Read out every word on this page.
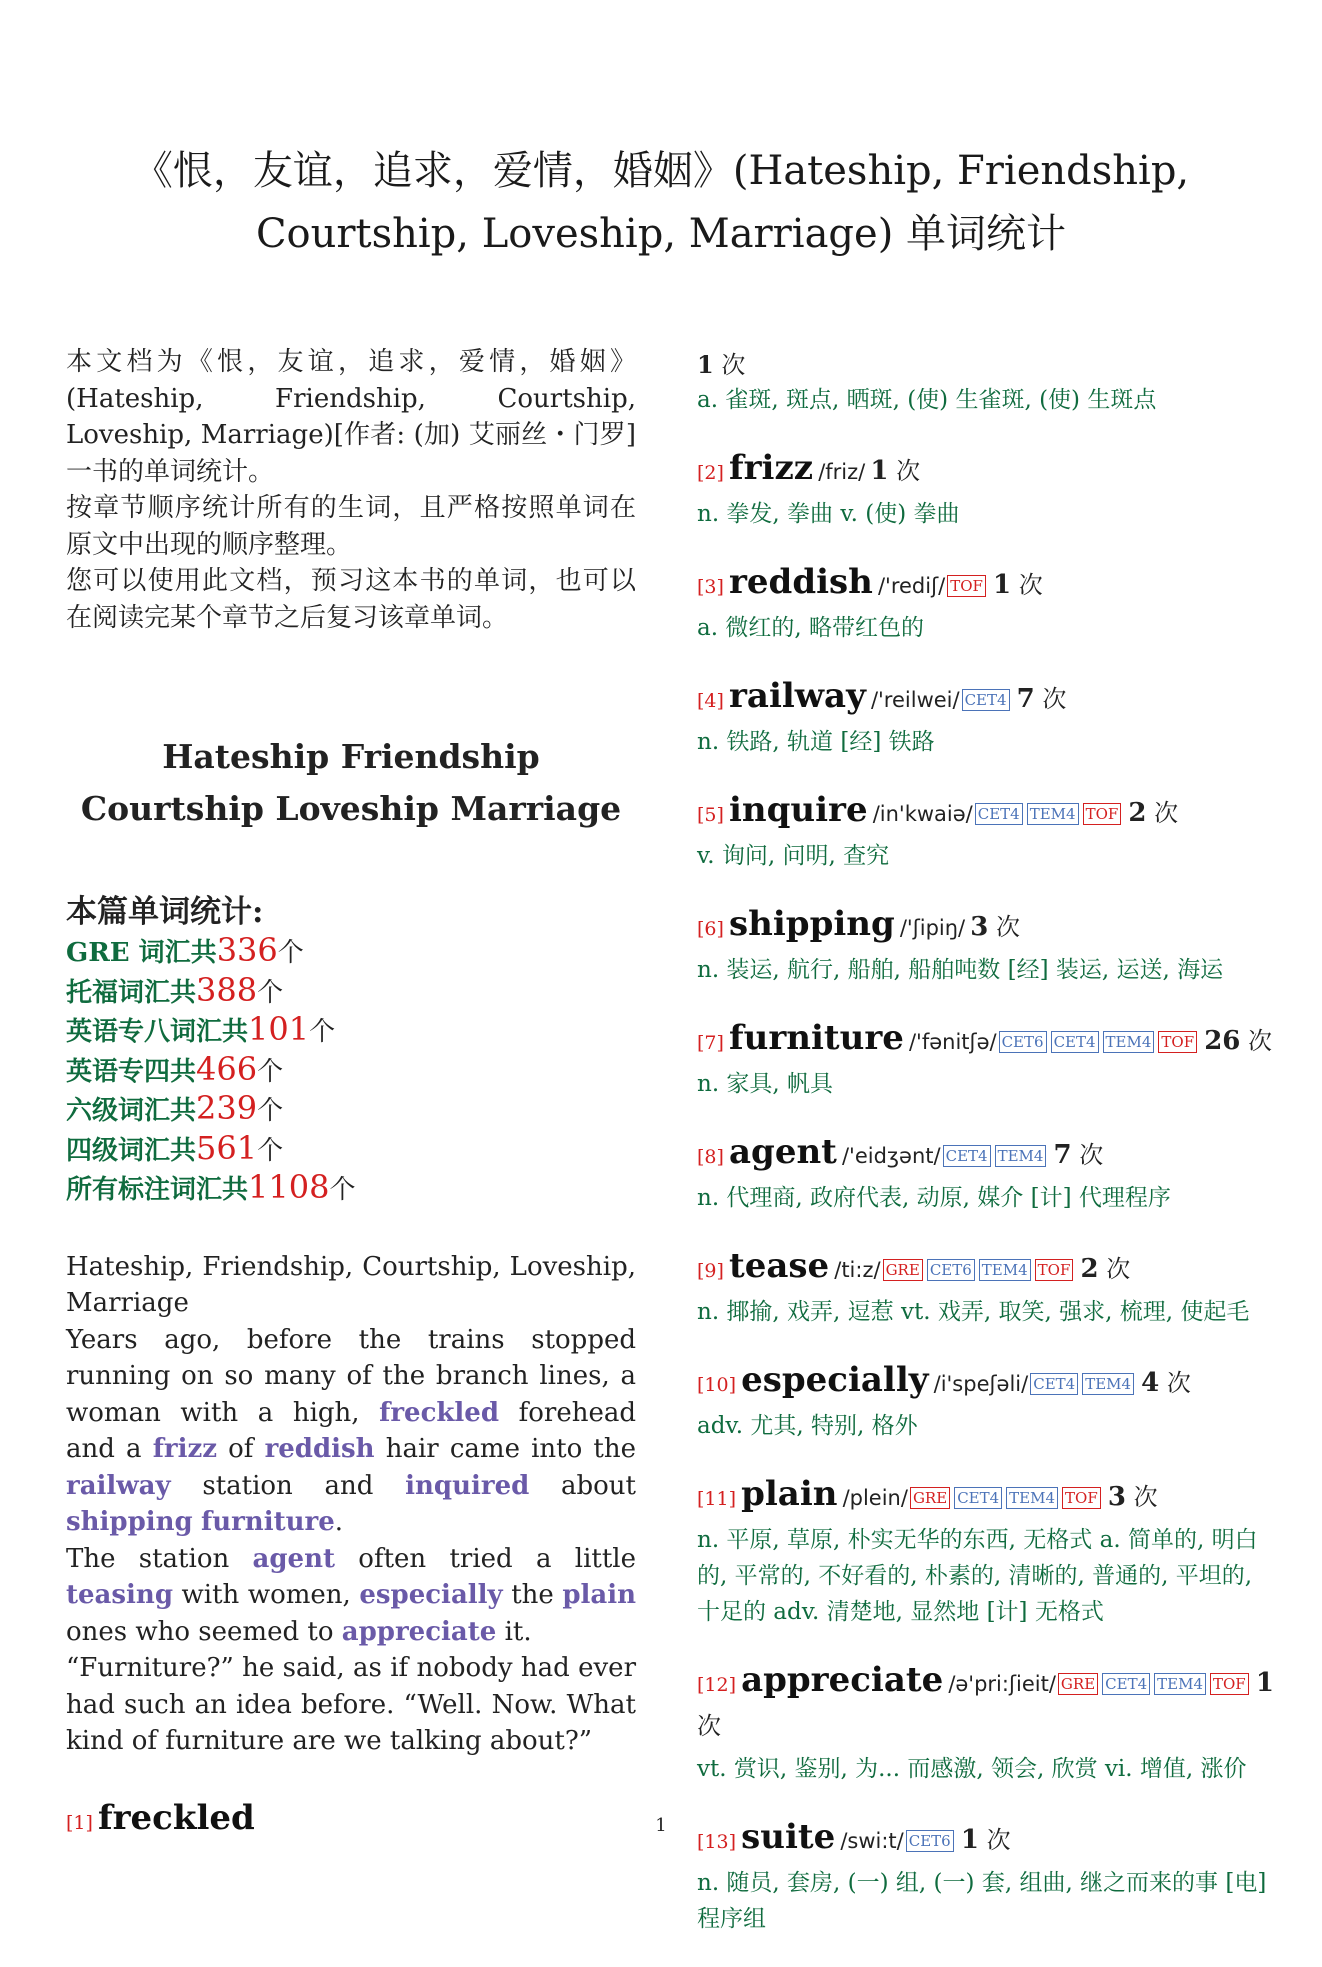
《恨，友谊，追求，爱情，婚姻》(Hateship, Friendship, Courtship, Loveship, Marriage) 单词统计

本文档为《恨，友谊，追求，爱情，婚姻》(Hateship, Friendship, Courtship, Loveship, Marriage)[作者: (加) 艾丽丝・门罗] 一书的单词统计。

按章节顺序统计所有的生词，且严格按照单词在原文中出现的顺序整理。

您可以使用此文档，预习这本书的单词，也可以在阅读完某个章节之后复习该章单词。

Hateship Friendship Courtship Loveship Marriage
本篇单词统计:
GRE 词汇共336个
托福词汇共388个
英语专八词汇共101个
英语专四共466个
六级词汇共239个
四级词汇共561个
所有标注词汇共1108个

Hateship, Friendship, Courtship, Loveship, Marriage

Years ago, before the trains stopped running on so many of the branch lines, a woman with a high, freckled forehead and a frizz of reddish hair came into the railway station and inquired about shipping furniture.

The station agent often tried a little teasing with women, especially the plain ones who seemed to appreciate it.

“Furniture?” he said, as if nobody had ever had such an idea before. “Well. Now. What kind of furniture are we talking about?”

[1] freckled
1 次
a. 雀斑, 斑点, 晒斑, (使) 生雀斑, (使) 生斑点
[2] frizz /friz/ 1 次
n. 拳发, 拳曲 v. (使) 拳曲
[3] reddish /'rediʃ/ TOF 1 次
a. 微红的, 略带红色的
[4] railway /'reilwei/ CET4 7 次
n. 铁路, 轨道 [经] 铁路
[5] inquire /in'kwaiə/ CET4 TEM4 TOF 2 次
v. 询问, 问明, 查究
[6] shipping /'ʃipiŋ/ 3 次
n. 装运, 航行, 船舶, 船舶吨数 [经] 装运, 运送, 海运
[7] furniture /'fənitʃə/ CET6 CET4 TEM4 TOF 26 次
n. 家具, 帆具
[8] agent /'eidʒənt/ CET4 TEM4 7 次
n. 代理商, 政府代表, 动原, 媒介 [计] 代理程序
[9] tease /ti:z/ GRE CET6 TEM4 TOF 2 次
n. 揶揄, 戏弄, 逗惹 vt. 戏弄, 取笑, 强求, 梳理, 使起毛
[10] especially /i'speʃəli/ CET4 TEM4 4 次
adv. 尤其, 特别, 格外
[11] plain /plein/ GRE CET4 TEM4 TOF 3 次
n. 平原, 草原, 朴实无华的东西, 无格式 a. 简单的, 明白的, 平常的, 不好看的, 朴素的, 清晰的, 普通的, 平坦的, 十足的 adv. 清楚地, 显然地 [计] 无格式
[12] appreciate /ə'pri:ʃieit/ GRE CET4 TEM4 TOF 1 次
vt. 赏识, 鉴别, 为... 而感激, 领会, 欣赏 vi. 增值, 涨价
[13] suite /swi:t/ CET6 1 次
n. 随员, 套房, (一) 组, (一) 套, 组曲, 继之而来的事 [电] 程序组
1
